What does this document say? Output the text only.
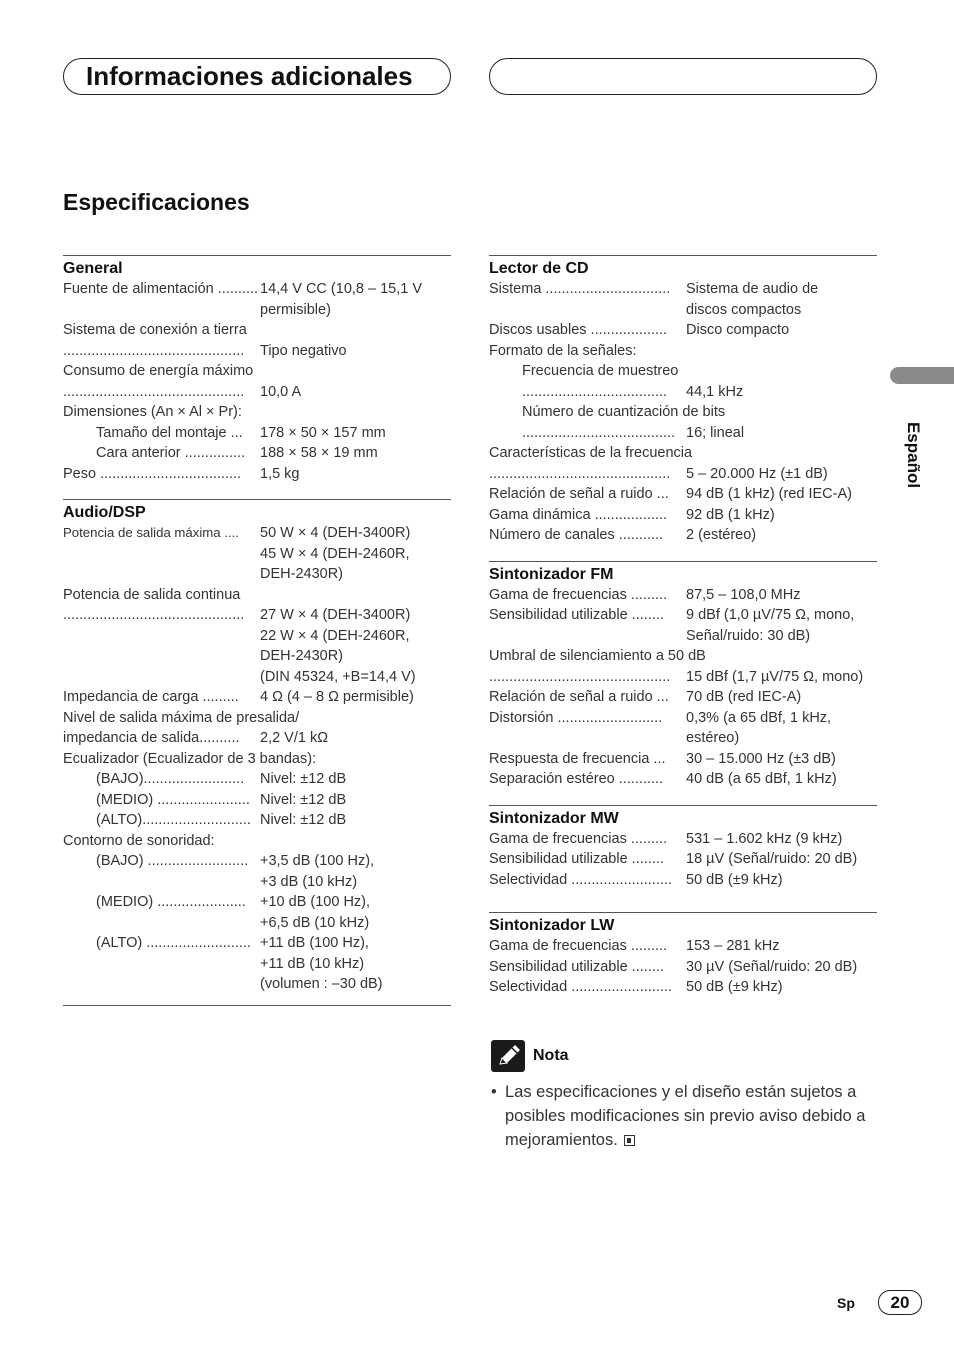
Informaciones adicionales
Especificaciones
General
Fuente de alimentación .......... 14,4 V CC (10,8 – 15,1 V
permisible)
Sistema de conexión a tierra
.............................................	Tipo negativo
Consumo de energía máximo
.............................................	10,0 A
Dimensiones (An × Al × Pr):
Tamaño del montaje ...	178 × 50 × 157 mm
Cara anterior ...............	188 × 58 × 19 mm
Peso ...................................	1,5 kg
Audio/DSP
Potencia de salida máxima ....	50 W × 4 (DEH-3400R)
45 W × 4 (DEH-2460R,
DEH-2430R)
Potencia de salida continua
.............................................	27 W × 4 (DEH-3400R)
22 W × 4 (DEH-2460R,
DEH-2430R)
(DIN 45324, +B=14,4 V)
Impedancia de carga .........	4 Ω (4 – 8 Ω permisible)
Nivel de salida máxima de presalida/
impedancia de salida..........	2,2 V/1 kΩ
Ecualizador (Ecualizador de 3 bandas):
(BAJO).........................	Nivel: ±12 dB
(MEDIO) ....................... Nivel: ±12 dB
(ALTO)........................... Nivel: ±12 dB
Contorno de sonoridad:
(BAJO) ......................... +3,5 dB (100 Hz),
+3 dB (10 kHz)
(MEDIO) ...................... +10 dB (100 Hz),
+6,5 dB (10 kHz)
(ALTO) .......................... +11 dB (100 Hz),
+11 dB (10 kHz)
(volumen : –30 dB)
Lector de CD
Sistema ...............................	Sistema de audio de
discos compactos
Discos usables ...................	Disco compacto
Formato de la señales:
Frecuencia de muestreo
....................................	44,1 kHz
Número de cuantización de bits
...................................... 16; lineal
Características de la frecuencia
.............................................	5 – 20.000 Hz (±1 dB)
Relación de señal a ruido ...	94 dB (1 kHz) (red IEC-A)
Gama dinámica ..................	92 dB (1 kHz)
Número de canales ...........	2 (estéreo)
Sintonizador FM
Gama de frecuencias .........	87,5 – 108,0 MHz
Sensibilidad utilizable ........	9 dBf (1,0 µV/75 Ω, mono,
Señal/ruido: 30 dB)
Umbral de silenciamiento a 50 dB
.............................................	15 dBf (1,7 µV/75 Ω, mono)
Relación de señal a ruido ...	70 dB (red IEC-A)
Distorsión ..........................	0,3% (a 65 dBf, 1 kHz,
estéreo)
Respuesta de frecuencia ...	30 – 15.000 Hz (±3 dB)
Separación estéreo ...........	40 dB (a 65 dBf, 1 kHz)
Sintonizador MW
Gama de frecuencias .........	531 – 1.602 kHz (9 kHz)
Sensibilidad utilizable ........	18 µV (Señal/ruido: 20 dB)
Selectividad ......................... 50 dB (±9 kHz)
Sintonizador LW
Gama de frecuencias .........	153 – 281 kHz
Sensibilidad utilizable ........	30 µV (Señal/ruido: 20 dB)
Selectividad ......................... 50 dB (±9 kHz)
Español
Nota
• Las especificaciones y el diseño están sujetos a posibles modificaciones sin previo aviso debido a mejoramientos.
Sp	20
